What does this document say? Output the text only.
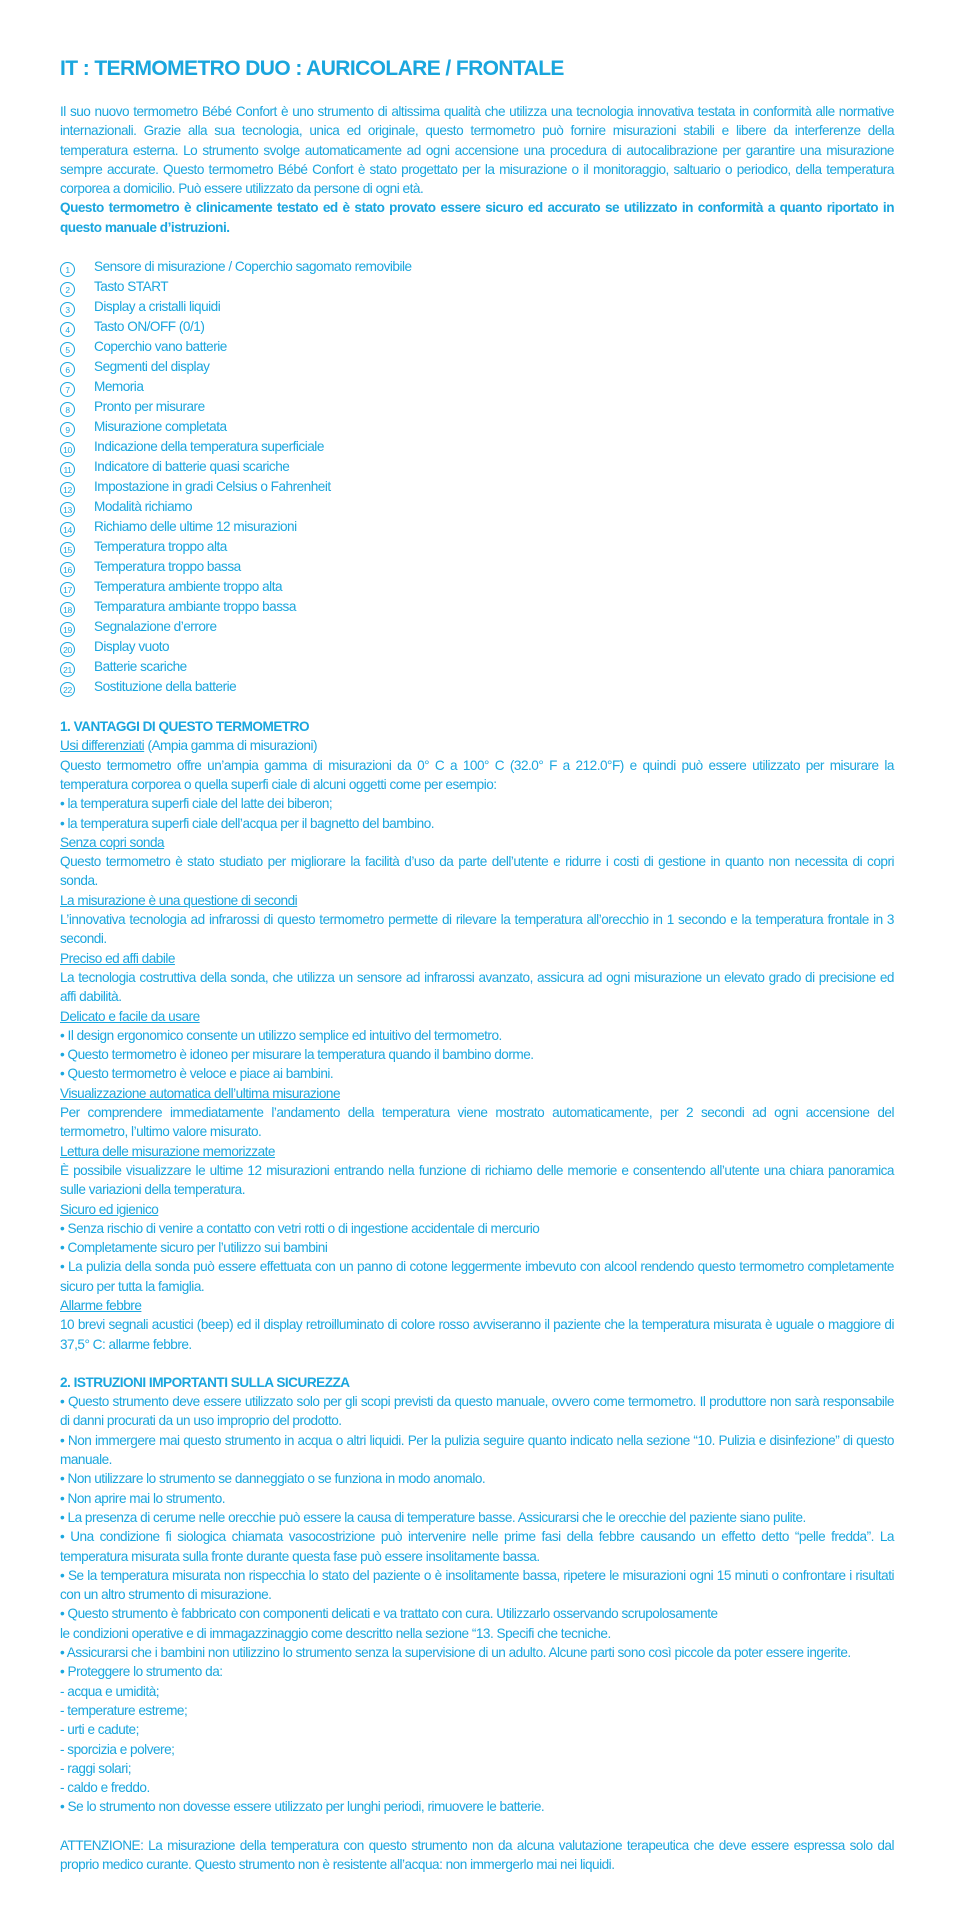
IT : TERMOMETRO DUO : AURICOLARE / FRONTALE

Il suo nuovo termometro Bébé Confort è uno strumento di altissima qualità che utilizza una tecnologia innovativa testata in conformità alle normative internazionali. Grazie alla sua tecnologia, unica ed originale, questo termometro può fornire misurazioni stabili e libere da interferenze della temperatura esterna. Lo strumento svolge automaticamente ad ogni accensione una procedura di autocalibrazione per garantire una misurazione sempre accurate. Questo termometro Bébé Confort è stato progettato per la misurazione o il monitoraggio, saltuario o periodico, della temperatura corporea a domicilio. Può essere utilizzato da persone di ogni età.

Questo termometro è clinicamente testato ed è stato provato essere sicuro ed accurato se utilizzato in conformità a quanto riportato in questo manuale d’istruzioni.

1	Sensore di misurazione / Coperchio sagomato removibile
2	Tasto START
3	Display a cristalli liquidi
4	Tasto ON/OFF (0/1)
5	Coperchio vano batterie
6	Segmenti del display
7	Memoria
8	Pronto per misurare
9	Misurazione completata
10 Indicazione della temperatura superficiale
11 Indicatore di batterie quasi scariche
12 Impostazione in gradi Celsius o Fahrenheit
13 Modalità richiamo
14 Richiamo delle ultime 12 misurazioni
15 Temperatura troppo alta
16 Temperatura troppo bassa
17 Temperatura ambiente troppo alta
18 Temparatura ambiante troppo bassa
19 Segnalazione d’errore
20 Display vuoto
21 Batterie scariche
22 Sostituzione della batterie

1. VANTAGGI DI QUESTO TERMOMETRO

Usi differenziati (Ampia gamma di misurazioni)

Questo termometro offre un’ampia gamma di misurazioni da 0° C a 100° C (32.0° F a 212.0°F) e quindi può essere utilizzato per misurare la temperatura corporea o quella superfi ciale di alcuni oggetti come per esempio:

• la temperatura superfi ciale del latte dei biberon;

• la temperatura superfi ciale dell’acqua per il bagnetto del bambino.

Senza copri sonda

Questo termometro è stato studiato per migliorare la facilità d’uso da parte dell’utente e ridurre i costi di gestione in quanto non necessita di copri sonda.

La misurazione è una questione di secondi

L’innovativa tecnologia ad infrarossi di questo termometro permette di rilevare la temperatura all’orecchio in 1 secondo e la temperatura frontale in 3 secondi.

Preciso ed affi dabile

La tecnologia costruttiva della sonda, che utilizza un sensore ad infrarossi avanzato, assicura ad ogni misurazione un elevato grado di precisione ed affi dabilità.

Delicato e facile da usare

• Il design ergonomico consente un utilizzo semplice ed intuitivo del termometro.

• Questo termometro è idoneo per misurare la temperatura quando il bambino dorme.

• Questo termometro è veloce e piace ai bambini.

Visualizzazione automatica dell’ultima misurazione

Per comprendere immediatamente l’andamento della temperatura viene mostrato automaticamente, per 2 secondi ad ogni accensione del termometro, l’ultimo valore misurato.

Lettura delle misurazione memorizzate

È possibile visualizzare le ultime 12 misurazioni entrando nella funzione di richiamo delle memorie e consentendo all’utente una chiara panoramica sulle variazioni della temperatura.

Sicuro ed igienico

• Senza rischio di venire a contatto con vetri rotti o di ingestione accidentale di mercurio

• Completamente sicuro per l’utilizzo sui bambini

• La pulizia della sonda può essere effettuata con un panno di cotone leggermente imbevuto con alcool rendendo questo termometro completamente sicuro per tutta la famiglia.

Allarme febbre

10 brevi segnali acustici (beep) ed il display retroilluminato di colore rosso avviseranno il paziente che la temperatura misurata è uguale o maggiore di 37,5° C: allarme febbre.

2. ISTRUZIONI IMPORTANTI SULLA SICUREZZA

• Questo strumento deve essere utilizzato solo per gli scopi previsti da questo manuale, ovvero come termometro. Il produttore non sarà responsabile di danni procurati da un uso improprio del prodotto.

• Non immergere mai questo strumento in acqua o altri liquidi. Per la pulizia seguire quanto indicato nella sezione “10. Pulizia e disinfezione” di questo manuale.

• Non utilizzare lo strumento se danneggiato o se funziona in modo anomalo.

• Non aprire mai lo strumento.

• La presenza di cerume nelle orecchie può essere la causa di temperature basse. Assicurarsi che le orecchie del paziente siano pulite.

• Una condizione fi siologica chiamata vasocostrizione può intervenire nelle prime fasi della febbre causando un effetto detto “pelle fredda”. La temperatura misurata sulla fronte durante questa fase può essere insolitamente bassa.

• Se la temperatura misurata non rispecchia lo stato del paziente o è insolitamente bassa, ripetere le misurazioni ogni 15 minuti o confrontare i risultati con un altro strumento di misurazione.

• Questo strumento è fabbricato con componenti delicati e va trattato con cura. Utilizzarlo osservando scrupolosamente

le condizioni operative e di immagazzinaggio come descritto nella sezione “13. Specifi che tecniche.

• Assicurarsi che i bambini non utilizzino lo strumento senza la supervisione di un adulto. Alcune parti sono così piccole da poter essere ingerite.

• Proteggere lo strumento da:

- acqua e umidità;

- temperature estreme;

- urti e cadute;

- sporcizia e polvere;

- raggi solari;

- caldo e freddo.

• Se lo strumento non dovesse essere utilizzato per lunghi periodi, rimuovere le batterie.

ATTENZIONE: La misurazione della temperatura con questo strumento non da alcuna valutazione terapeutica che deve essere espressa solo dal proprio medico curante. Questo strumento non è resistente all’acqua: non immergerlo mai nei liquidi.
